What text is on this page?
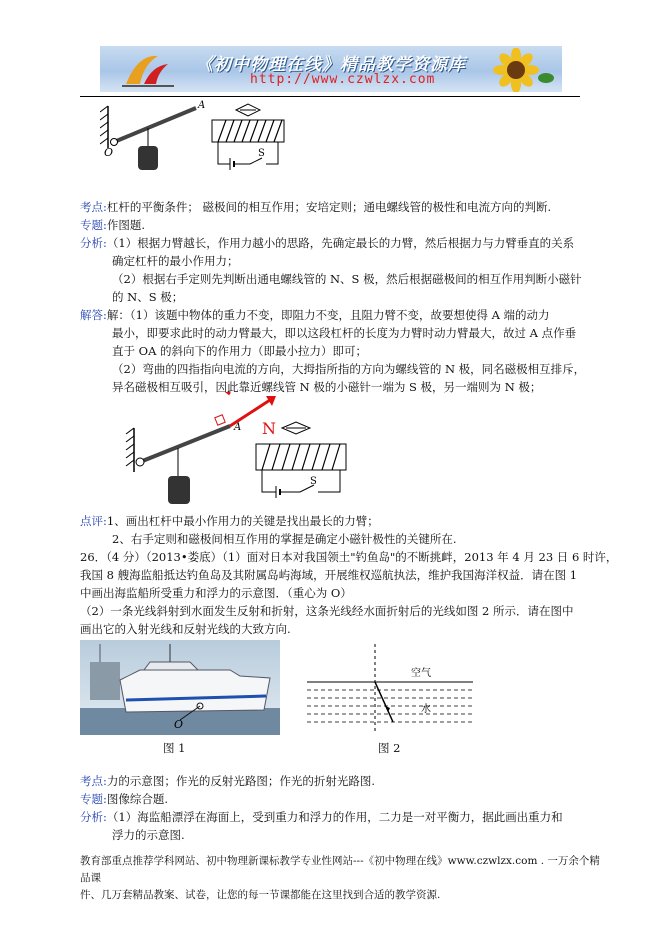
《初中物理在线》精品教学资源库
http://www.czwlzx.com
O
A
S
考点:杠杆的平衡条件； 磁极间的相互作用；安培定则；通电螺线管的极性和电流方向的判断.
专题:作图题.
分析:（1）根据力臂越长，作用力越小的思路，先确定最长的力臂，然后根据力与力臂垂直的关系
确定杠杆的最小作用力；
（2）根据右手定则先判断出通电螺线管的 N、S 极，然后根据磁极间的相互作用判断小磁针
的 N、S 极；
解答:解：（1）该题中物体的重力不变，即阻力不变，且阻力臂不变，故要想使得 A 端的动力
最小，即要求此时的动力臂最大，即以这段杠杆的长度为力臂时动力臂最大，故过 A 点作垂
直于 OA 的斜向下的作用力（即最小拉力）即可；
（2）弯曲的四指指向电流的方向，大拇指所指的方向为螺线管的 N 极，同名磁极相互排斥，
异名磁极相互吸引，因此靠近螺线管 N 极的小磁针一端为 S 极，另一端则为 N 极；
A N
S
点评:1、画出杠杆中最小作用力的关键是找出最长的力臂；
2、右手定则和磁极间相互作用的掌握是确定小磁针极性的关键所在.
26．（4 分）（2013•娄底）（1）面对日本对我国领土"钓鱼岛"的不断挑衅，2013 年 4 月 23 日 6 时许，
我国 8 艘海监船抵达钓鱼岛及其附属岛屿海域，开展维权巡航执法，维护我国海洋权益．请在图 1
中画出海监船所受重力和浮力的示意图．（重心为 O）
（2）一条光线斜射到水面发生反射和折射，这条光线经水面折射后的光线如图 2 所示．请在图中
画出它的入射光线和反射光线的大致方向.
O
图 1
空气
水
图 2
考点:力的示意图；作光的反射光路图；作光的折射光路图.
专题:图像综合题.
分析:（1）海监船漂浮在海面上，受到重力和浮力的作用，二力是一对平衡力，据此画出重力和
浮力的示意图.
教育部重点推荐学科网站、初中物理新课标教学专业性网站---《初中物理在线》www.czwlzx.com . 一万余个精品课
件、几万套精品教案、试卷，让您的每一节课都能在这里找到合适的教学资源.
